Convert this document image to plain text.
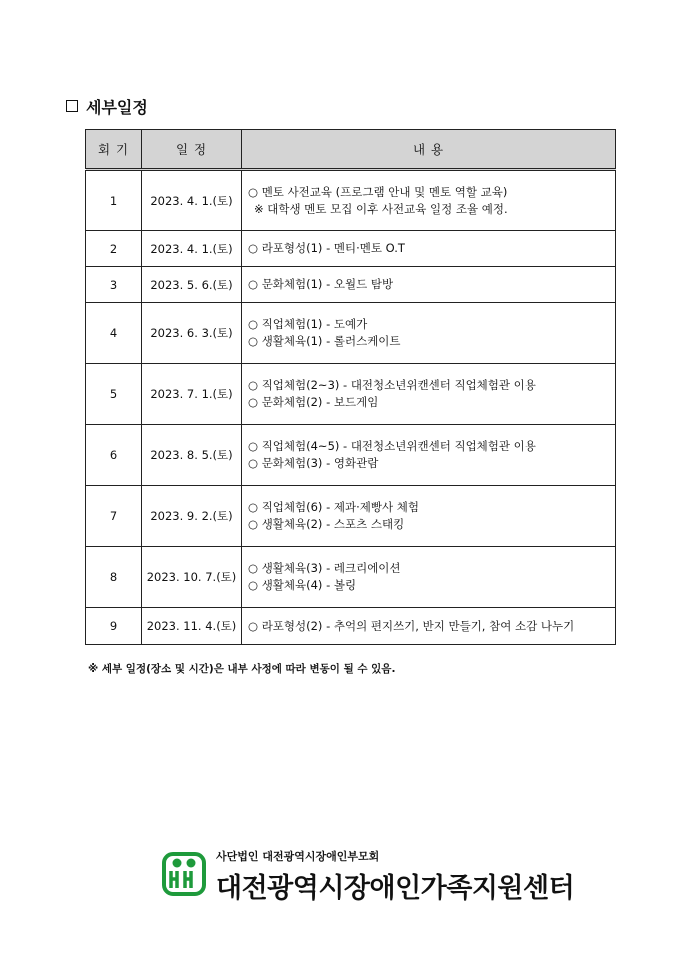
세부일정
회 기	일 정	내 용
1	2023. 4. 1.(토)	○ 멘토 사전교육 (프로그램 안내 및 멘토 역할 교육)
※ 대학생 멘토 모집 이후 사전교육 일정 조율 예정.

2	2023. 4. 1.(토)	○ 라포형성(1) - 멘티·멘토 O.T

3	2023. 5. 6.(토)	○ 문화체험(1) - 오월드 탐방

4	2023. 6. 3.(토)	○ 직업체험(1) - 도예가
○ 생활체육(1) - 롤러스케이트

5	2023. 7. 1.(토)	○ 직업체험(2~3) - 대전청소년위캔센터 직업체험관 이용
○ 문화체험(2) - 보드게임

6	2023. 8. 5.(토)	○ 직업체험(4~5) - 대전청소년위캔센터 직업체험관 이용
○ 문화체험(3) - 영화관람

7	2023. 9. 2.(토)	○ 직업체험(6) - 제과·제빵사 체험
○ 생활체육(2) - 스포츠 스태킹

8	2023. 10. 7.(토)	○ 생활체육(3) - 레크리에이션
○ 생활체육(4) - 볼링

9	2023. 11. 4.(토)	○ 라포형성(2) - 추억의 편지쓰기, 반지 만들기, 참여 소감 나누기
※ 세부 일정(장소 및 시간)은 내부 사정에 따라 변동이 될 수 있음.
사단법인 대전광역시장애인부모회
대전광역시장애인가족지원센터
